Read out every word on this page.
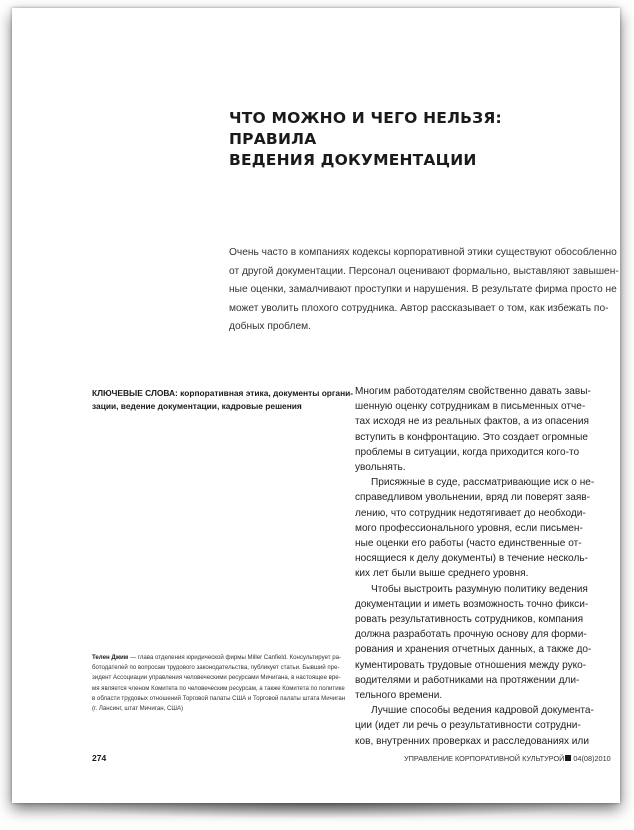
ЧТО МОЖНО И ЧЕГО НЕЛЬЗЯ: ПРАВИЛА
ВЕДЕНИЯ ДОКУМЕНТАЦИИ

Очень часто в компаниях кодексы корпоративной этики существуют обособленно
от другой документации. Персонал оценивают формально, выставляют завышен-
ные оценки, замалчивают проступки и нарушения. В результате фирма просто не
может уволить плохого сотрудника. Автор рассказывает о том, как избежать по-
добных проблем.

КЛЮЧЕВЫЕ СЛОВА: корпоративная этика, документы органи-
зации, ведение документации, кадровые решения

Многим работодателям свойственно давать завы-
шенную оценку сотрудникам в письменных отче-
тах исходя не из реальных фактов, а из опасения
вступить в конфронтацию. Это создает огромные
проблемы в ситуации, когда приходится кого-то
увольнять.
Присяжные в суде, рассматривающие иск о не-
справедливом увольнении, вряд ли поверят заяв-
лению, что сотрудник недотягивает до необходи-
мого профессионального уровня, если письмен-
ные оценки его работы (часто единственные от-
носящиеся к делу документы) в течение несколь-
ких лет были выше среднего уровня.
Чтобы выстроить разумную политику ведения
документации и иметь возможность точно фикси-
ровать результативность сотрудников, компания
должна разработать прочную основу для форми-
рования и хранения отчетных данных, а также до-
кументировать трудовые отношения между руко-
водителями и работниками на протяжении дли-
тельного времени.
Лучшие способы ведения кадровой документа-
ции (идет ли речь о результативности сотрудни-
ков, внутренних проверках и расследованиях или

Телен Джим — глава отделения юридической фирмы Miller Canfield. Консультирует ра-
ботодателей по вопросам трудового законодательства, публикует статьи. Бывший пре-
зидент Ассоциации управления человеческими ресурсами Мичигана, в настоящее вре-
мя является членом Комитета по человеческим ресурсам, а также Комитета по политике
в области трудовых отношений Торговой палаты США и Торговой палаты штата Мичиган
(г. Лансинг, штат Мичиган, США)

274	УПРАВЛЕНИЕ КОРПОРАТИВНОЙ КУЛЬТУРОЙ 04(08)2010
